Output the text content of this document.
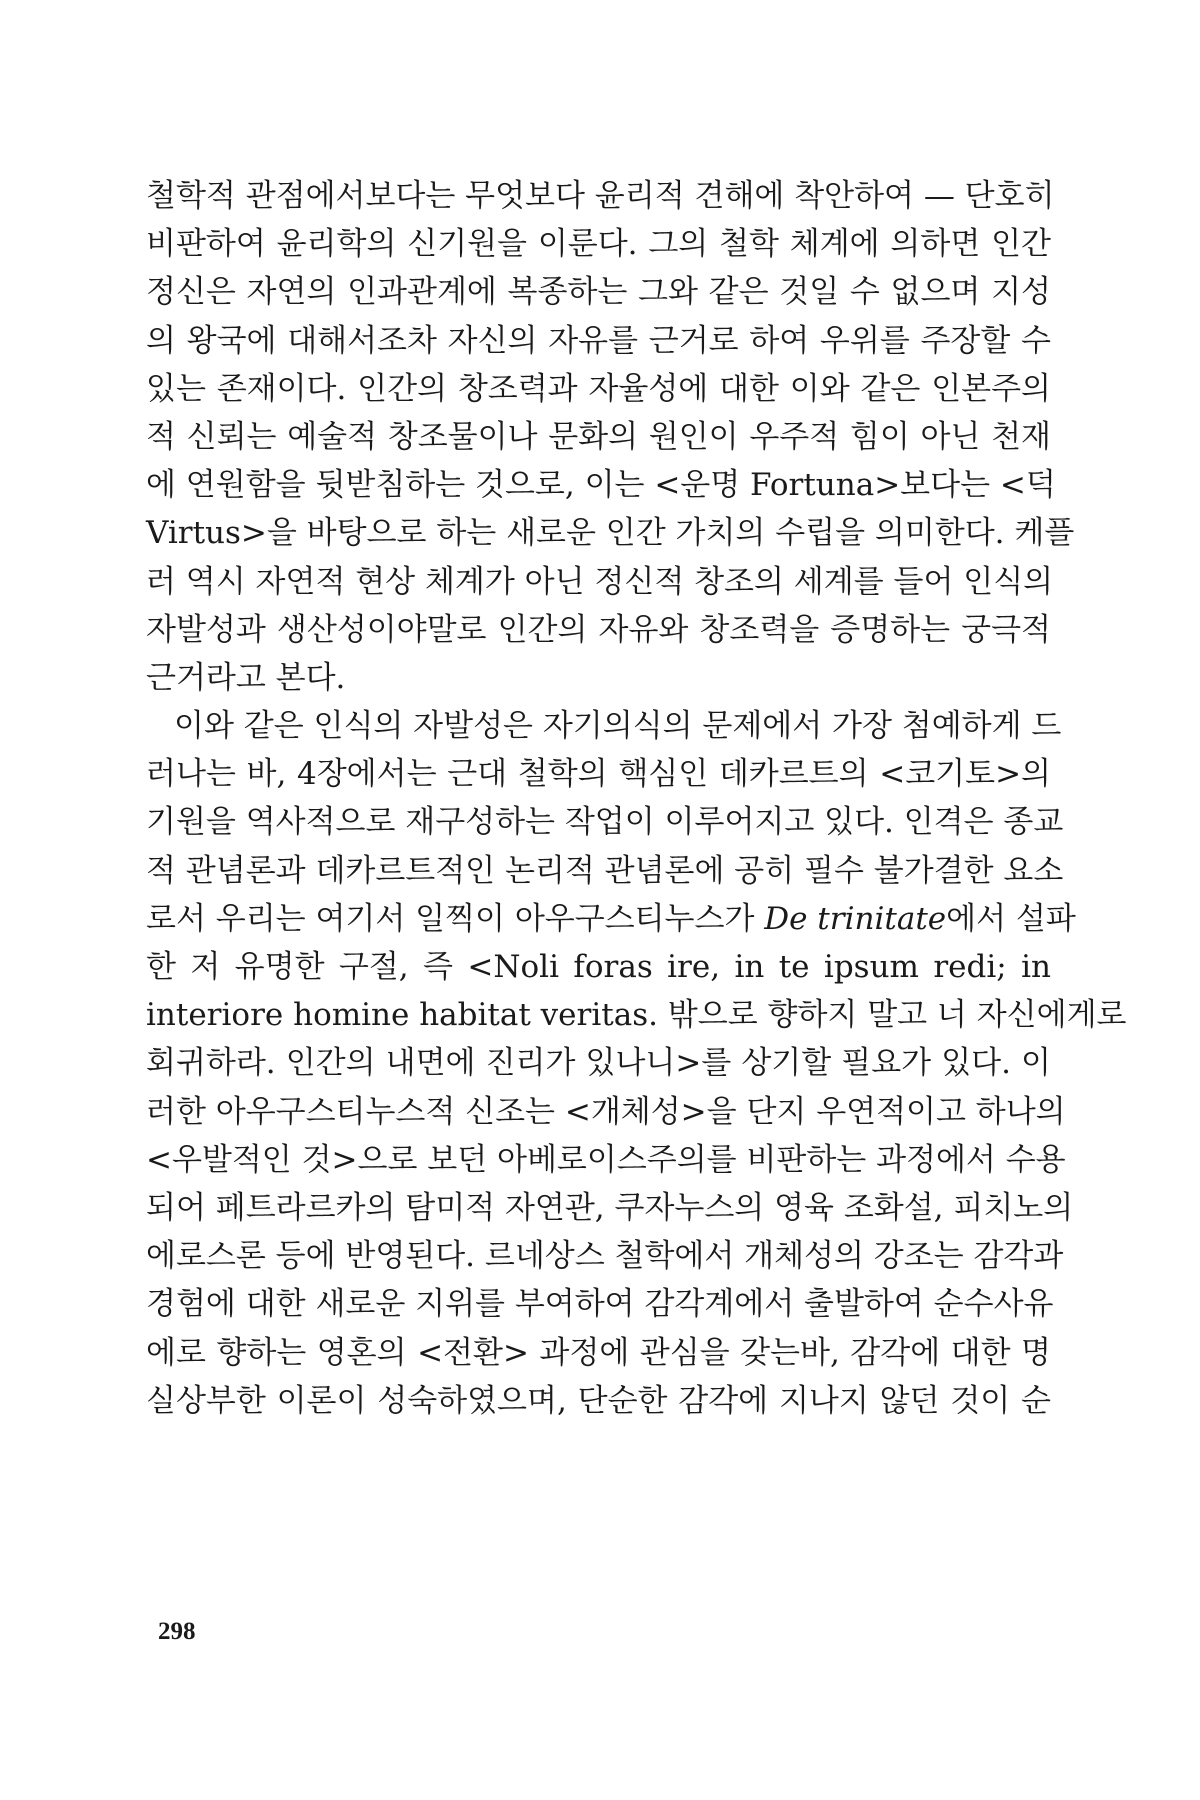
철학적 관점에서보다는 무엇보다 윤리적 견해에 착안하여 — 단호히
비판하여 윤리학의 신기원을 이룬다. 그의 철학 체계에 의하면 인간
정신은 자연의 인과관계에 복종하는 그와 같은 것일 수 없으며 지성
의 왕국에 대해서조차 자신의 자유를 근거로 하여 우위를 주장할 수
있는 존재이다. 인간의 창조력과 자율성에 대한 이와 같은 인본주의
적 신뢰는 예술적 창조물이나 문화의 원인이 우주적 힘이 아닌 천재
에 연원함을 뒷받침하는 것으로, 이는 <운명 Fortuna>보다는 <덕
Virtus>을 바탕으로 하는 새로운 인간 가치의 수립을 의미한다. 케플
러 역시 자연적 현상 체계가 아닌 정신적 창조의 세계를 들어 인식의
자발성과 생산성이야말로 인간의 자유와 창조력을 증명하는 궁극적
근거라고 본다.
이와 같은 인식의 자발성은 자기의식의 문제에서 가장 첨예하게 드
러나는 바, 4장에서는 근대 철학의 핵심인 데카르트의 <코기토>의
기원을 역사적으로 재구성하는 작업이 이루어지고 있다. 인격은 종교
적 관념론과 데카르트적인 논리적 관념론에 공히 필수 불가결한 요소
로서 우리는 여기서 일찍이 아우구스티누스가 De trinitate에서 설파
한 저 유명한 구절, 즉 <Noli foras ire, in te ipsum redi; in
interiore homine habitat veritas. 밖으로 향하지 말고 너 자신에게로
회귀하라. 인간의 내면에 진리가 있나니>를 상기할 필요가 있다. 이
러한 아우구스티누스적 신조는 <개체성>을 단지 우연적이고 하나의
<우발적인 것>으로 보던 아베로이스주의를 비판하는 과정에서 수용
되어 페트라르카의 탐미적 자연관, 쿠자누스의 영육 조화설, 피치노의
에로스론 등에 반영된다. 르네상스 철학에서 개체성의 강조는 감각과
경험에 대한 새로운 지위를 부여하여 감각계에서 출발하여 순수사유
에로 향하는 영혼의 <전환> 과정에 관심을 갖는바, 감각에 대한 명
실상부한 이론이 성숙하였으며, 단순한 감각에 지나지 않던 것이 순
298
